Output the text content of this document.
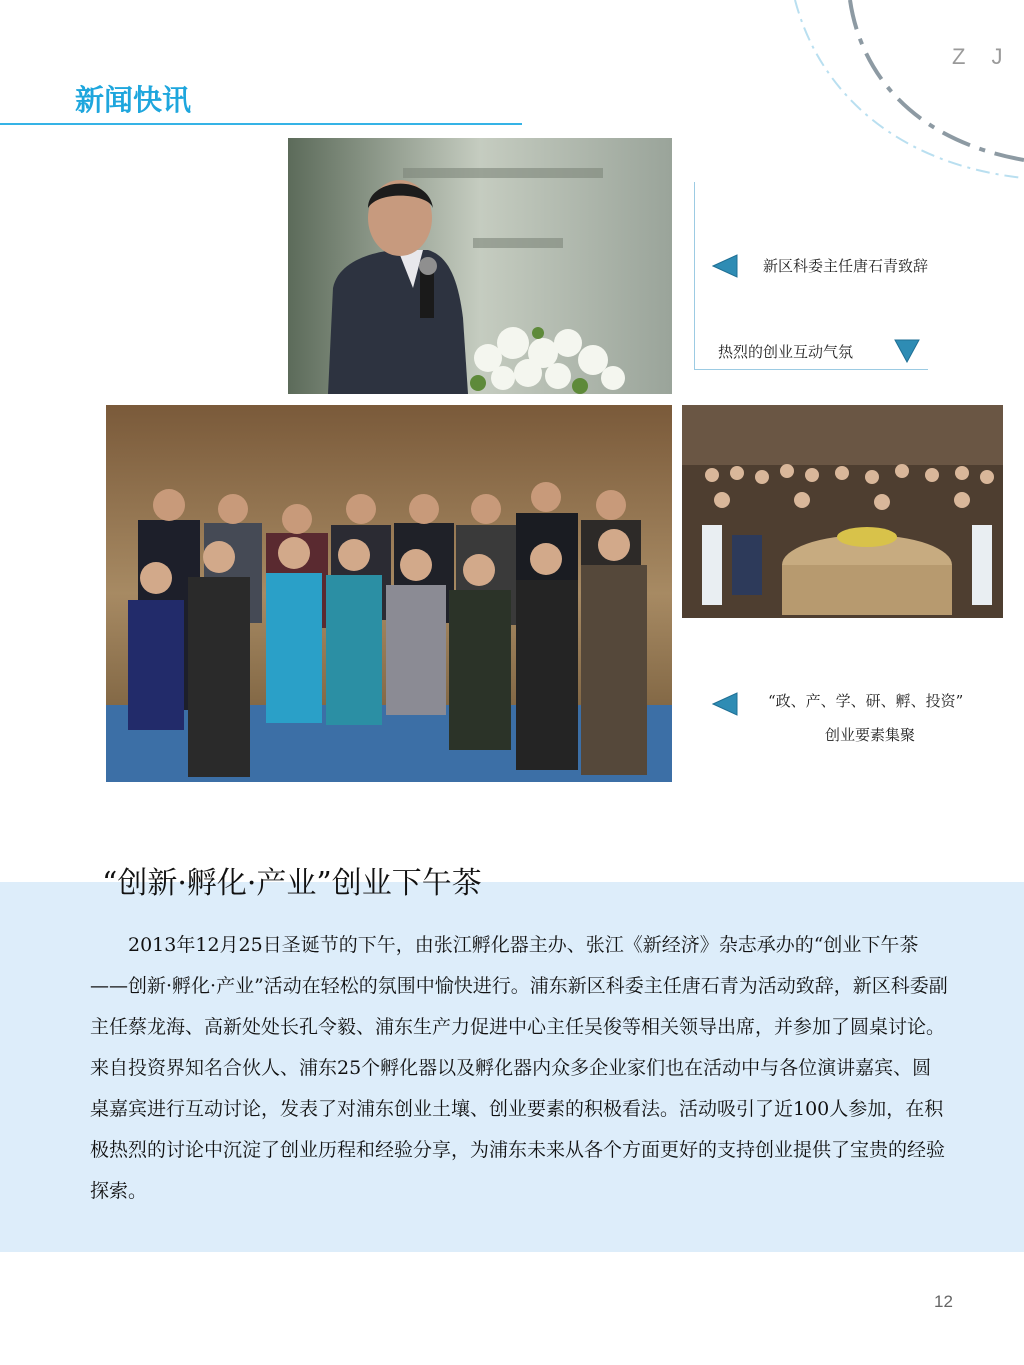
Z J
新闻快讯
新区科委主任唐石青致辞
热烈的创业互动气氛
“政、产、学、研、孵、投资”
创业要素集聚
“创新·孵化·产业”创业下午茶

2013年12月25日圣诞节的下午，由张江孵化器主办、张江《新经济》杂志承办的“创业下午茶——创新·孵化·产业”活动在轻松的氛围中愉快进行。浦东新区科委主任唐石青为活动致辞，新区科委副主任蔡龙海、高新处处长孔令毅、浦东生产力促进中心主任吴俊等相关领导出席，并参加了圆桌讨论。来自投资界知名合伙人、浦东25个孵化器以及孵化器内众多企业家们也在活动中与各位演讲嘉宾、圆桌嘉宾进行互动讨论，发表了对浦东创业土壤、创业要素的积极看法。活动吸引了近100人参加，在积极热烈的讨论中沉淀了创业历程和经验分享，为浦东未来从各个方面更好的支持创业提供了宝贵的经验探索。

12
